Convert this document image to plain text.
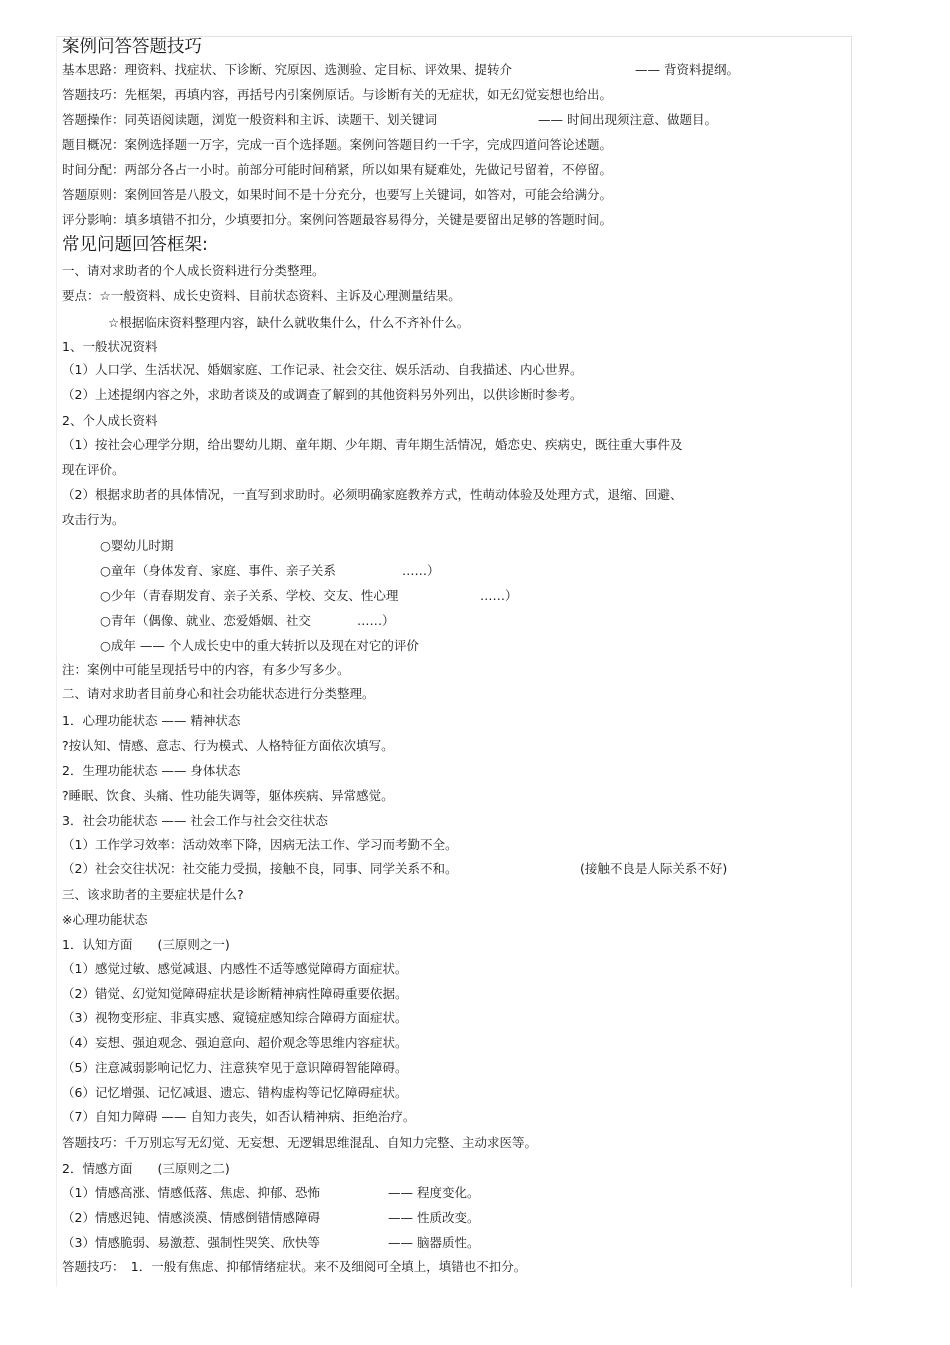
案例问答答题技巧
基本思路：理资料、找症状、下诊断、究原因、选测验、定目标、评效果、提转介	—— 背资料提纲。
答题技巧：先框架，再填内容，再括号内引案例原话。与诊断有关的无症状，如无幻觉妄想也给出。
答题操作：同英语阅读题，浏览一般资料和主诉、读题干、划关键词	—— 时间出现须注意、做题目。
题目概况：案例选择题一万字，完成一百个选择题。案例问答题目约一千字，完成四道问答论述题。
时间分配：两部分各占一小时。前部分可能时间稍紧，所以如果有疑难处，先做记号留着，不停留。
答题原则：案例回答是八股文，如果时间不是十分充分，也要写上关键词，如答对，可能会给满分。
评分影响：填多填错不扣分，少填要扣分。案例问答题最容易得分，关键是要留出足够的答题时间。
常见问题回答框架:
一、请对求助者的个人成长资料进行分类整理。
要点：☆一般资料、成长史资料、目前状态资料、主诉及心理测量结果。
☆根据临床资料整理内容，缺什么就收集什么，什么不齐补什么。
1、一般状况资料
（1）人口学、生活状况、婚姻家庭、工作记录、社会交往、娱乐活动、自我描述、内心世界。
（2）上述提纲内容之外，求助者谈及的或调查了解到的其他资料另外列出，以供诊断时参考。
2、个人成长资料
（1）按社会心理学分期，给出婴幼儿期、童年期、少年期、青年期生活情况，婚恋史、疾病史，既往重大事件及
现在评价。
（2）根据求助者的具体情况，一直写到求助时。必须明确家庭教养方式，性萌动体验及处理方式，退缩、回避、
攻击行为。
○婴幼儿时期
○童年（身体发育、家庭、事件、亲子关系	……）
○少年（青春期发育、亲子关系、学校、交友、性心理	……）
○青年（偶像、就业、恋爱婚姻、社交	……）
○成年 —— 个人成长史中的重大转折以及现在对它的评价
注：案例中可能呈现括号中的内容，有多少写多少。
二、请对求助者目前身心和社会功能状态进行分类整理。
1．心理功能状态 —— 精神状态
?按认知、情感、意志、行为模式、人格特征方面依次填写。
2．生理功能状态 —— 身体状态
?睡眠、饮食、头痛、性功能失调等，躯体疾病、异常感觉。
3．社会功能状态 —— 社会工作与社会交往状态
（1）工作学习效率：活动效率下降，因病无法工作、学习而考勤不全。
（2）社会交往状况：社交能力受损，接触不良，同事、同学关系不和。	(接触不良是人际关系不好)
三、该求助者的主要症状是什么?
※心理功能状态
1．认知方面　　(三原则之一)
（1）感觉过敏、感觉减退、内感性不适等感觉障碍方面症状。
（2）错觉、幻觉知觉障碍症状是诊断精神病性障碍重要依据。
（3）视物变形症、非真实感、窥镜症感知综合障碍方面症状。
（4）妄想、强迫观念、强迫意向、超价观念等思维内容症状。
（5）注意减弱影响记忆力、注意狭窄见于意识障碍智能障碍。
（6）记忆增强、记忆减退、遗忘、错构虚构等记忆障碍症状。
（7）自知力障碍 —— 自知力丧失，如否认精神病、拒绝治疗。
答题技巧：千万别忘写无幻觉、无妄想、无逻辑思维混乱、自知力完整、主动求医等。
2．情感方面　　(三原则之二)
（1）情感高涨、情感低落、焦虑、抑郁、恐怖	—— 程度变化。
（2）情感迟钝、情感淡漠、情感倒错情感障碍	—— 性质改变。
（3）情感脆弱、易激惹、强制性哭笑、欣快等	—— 脑器质性。
答题技巧：　1．一般有焦虑、抑郁情绪症状。来不及细阅可全填上，填错也不扣分。
